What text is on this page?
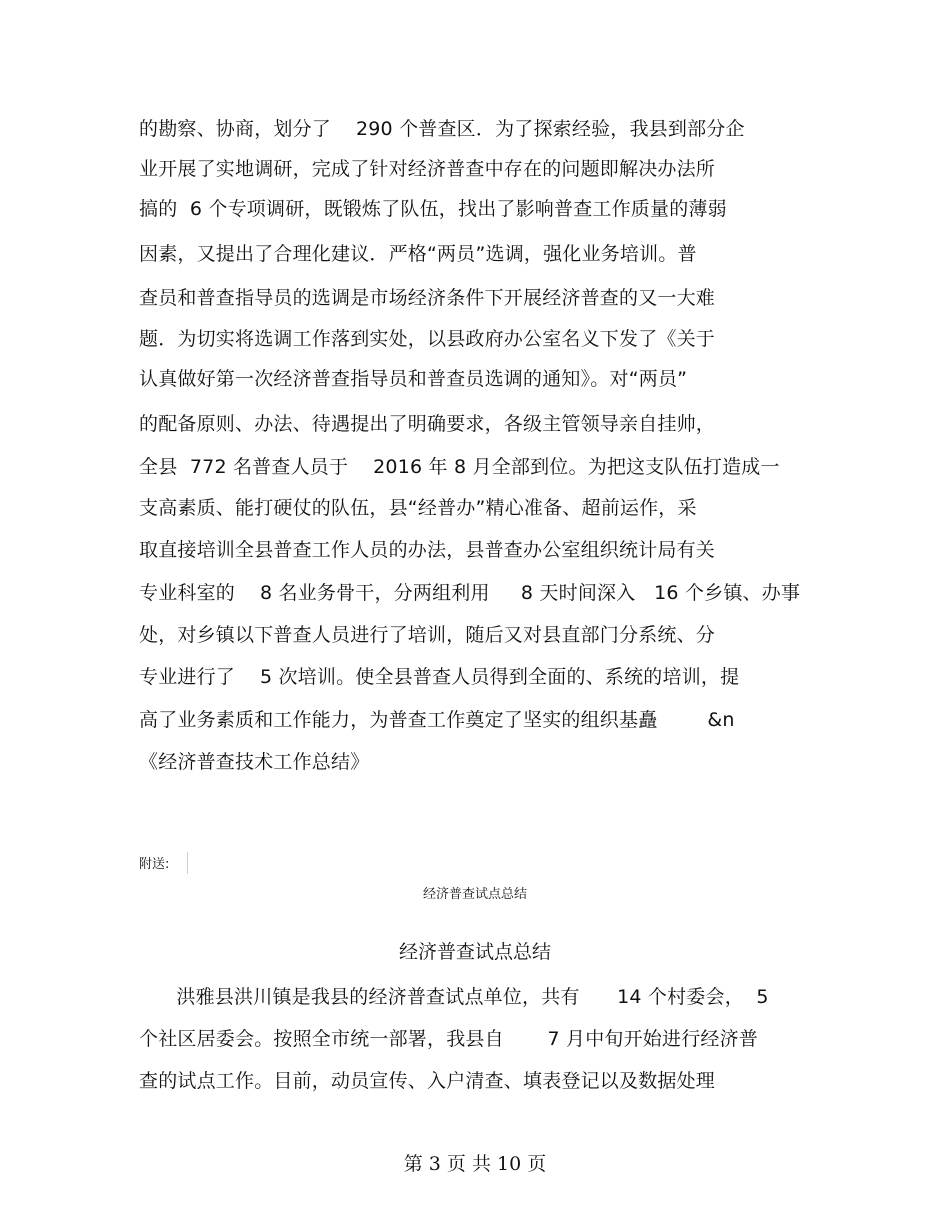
的勘察、协商，划分了    290 个普查区．为了探索经验，我县到部分企
业开展了实地调研，完成了针对经济普查中存在的问题即解决办法所
搞的  6 个专项调研，既锻炼了队伍，找出了影响普查工作质量的薄弱
因素，又提出了合理化建议．严格“两员”选调，强化业务培训。普
查员和普查指导员的选调是市场经济条件下开展经济普查的又一大难
题．为切实将选调工作落到实处，以县政府办公室名义下发了《关于
认真做好第一次经济普查指导员和普查员选调的通知》。对“两员”
的配备原则、办法、待遇提出了明确要求，各级主管领导亲自挂帅，
全县  772 名普查人员于    2016 年 8 月全部到位。为把这支队伍打造成一
支高素质、能打硬仗的队伍，县“经普办”精心准备、超前运作，采
取直接培训全县普查工作人员的办法，县普查办公室组织统计局有关
专业科室的    8 名业务骨干，分两组利用     8 天时间深入   16 个乡镇、办事
处，对乡镇以下普查人员进行了培训，随后又对县直部门分系统、分
专业进行了    5 次培训。使全县普查人员得到全面的、系统的培训，提
高了业务素质和工作能力，为普查工作奠定了坚实的组织基矗        &n
《经济普查技术工作总结》
附送:
经济普查试点总结
经济普查试点总结
洪雅县洪川镇是我县的经济普查试点单位，共有      14 个村委会，  5
个社区居委会。按照全市统一部署，我县自       7 月中旬开始进行经济普
查的试点工作。目前，动员宣传、入户清查、填表登记以及数据处理
第 3 页 共 10 页
